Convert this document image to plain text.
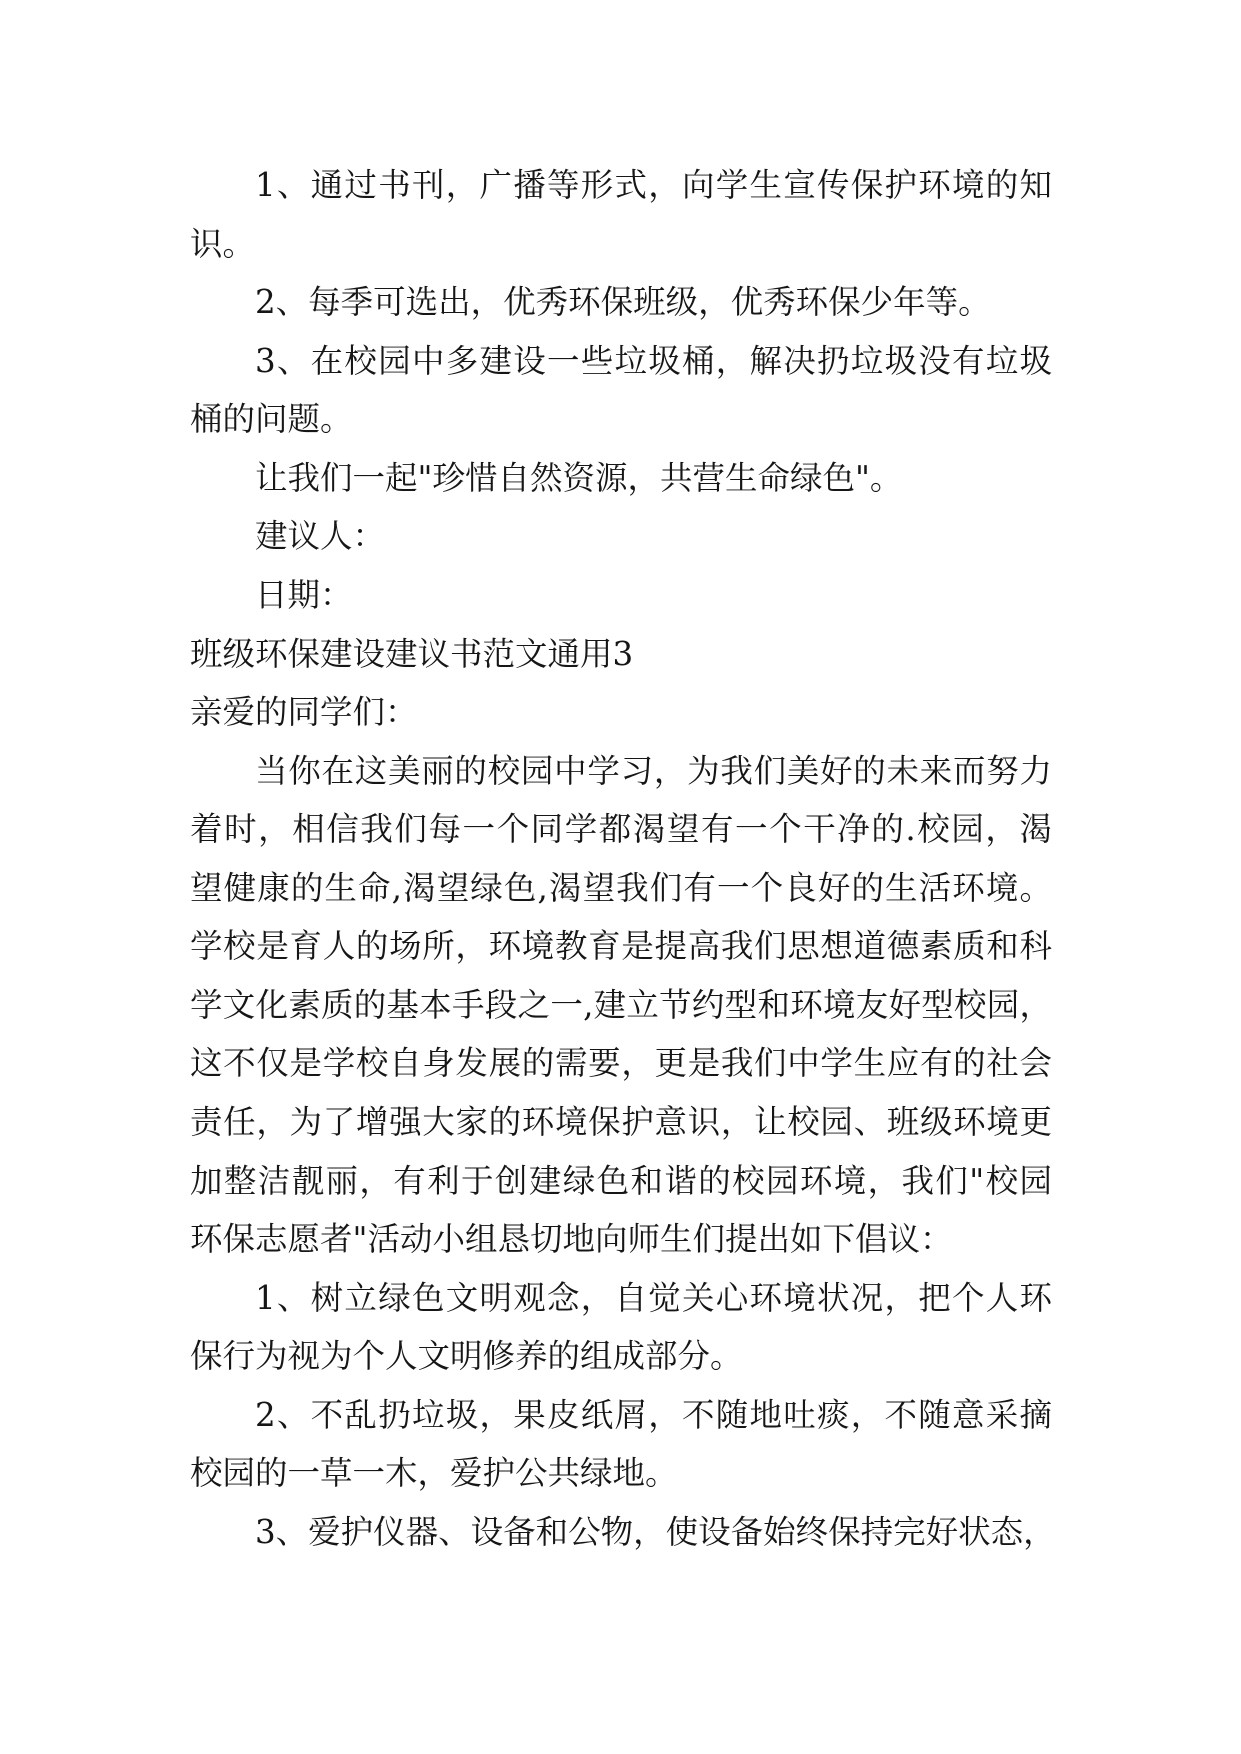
1、通过书刊，广播等形式，向学生宣传保护环境的知
识。
2、每季可选出，优秀环保班级，优秀环保少年等。
3、在校园中多建设一些垃圾桶，解决扔垃圾没有垃圾
桶的问题。
让我们一起"珍惜自然资源，共营生命绿色"。
建议人：
日期：
班级环保建设建议书范文通用3
亲爱的同学们：
当你在这美丽的校园中学习，为我们美好的未来而努力
着时，相信我们每一个同学都渴望有一个干净的.校园，渴
望健康的生命,渴望绿色,渴望我们有一个良好的生活环境。
学校是育人的场所，环境教育是提高我们思想道德素质和科
学文化素质的基本手段之一,建立节约型和环境友好型校园，
这不仅是学校自身发展的需要，更是我们中学生应有的社会
责任，为了增强大家的环境保护意识，让校园、班级环境更
加整洁靓丽，有利于创建绿色和谐的校园环境，我们"校园
环保志愿者"活动小组恳切地向师生们提出如下倡议：
1、树立绿色文明观念，自觉关心环境状况，把个人环
保行为视为个人文明修养的组成部分。
2、不乱扔垃圾，果皮纸屑，不随地吐痰，不随意采摘
校园的一草一木，爱护公共绿地。
3、爱护仪器、设备和公物，使设备始终保持完好状态，
